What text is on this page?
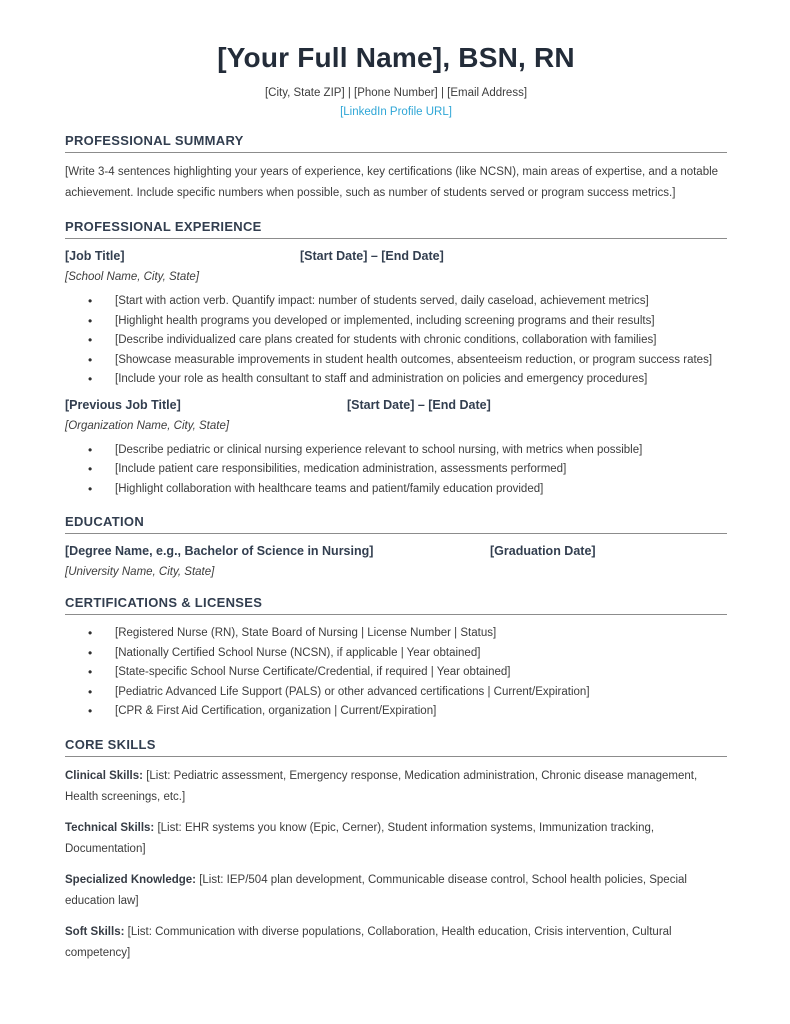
[Your Full Name], BSN, RN
[City, State ZIP] | [Phone Number] | [Email Address]
[LinkedIn Profile URL]
PROFESSIONAL SUMMARY

[Write 3-4 sentences highlighting your years of experience, key certifications (like NCSN), main areas of expertise, and a notable achievement. Include specific numbers when possible, such as number of students served or program success metrics.]

PROFESSIONAL EXPERIENCE
[Job Title]	[Start Date] – [End Date]
[School Name, City, State]
• [Start with action verb. Quantify impact: number of students served, daily caseload, achievement metrics]
• [Highlight health programs you developed or implemented, including screening programs and their results]
• [Describe individualized care plans created for students with chronic conditions, collaboration with families]
• [Showcase measurable improvements in student health outcomes, absenteeism reduction, or program success rates]
• [Include your role as health consultant to staff and administration on policies and emergency procedures]
[Previous Job Title]	[Start Date] – [End Date]
[Organization Name, City, State]
• [Describe pediatric or clinical nursing experience relevant to school nursing, with metrics when possible]
• [Include patient care responsibilities, medication administration, assessments performed]
• [Highlight collaboration with healthcare teams and patient/family education provided]
EDUCATION
[Degree Name, e.g., Bachelor of Science in Nursing]	[Graduation Date]
[University Name, City, State]
CERTIFICATIONS & LICENSES
• [Registered Nurse (RN), State Board of Nursing | License Number | Status]
• [Nationally Certified School Nurse (NCSN), if applicable | Year obtained]
• [State-specific School Nurse Certificate/Credential, if required | Year obtained]
• [Pediatric Advanced Life Support (PALS) or other advanced certifications | Current/Expiration]
• [CPR & First Aid Certification, organization | Current/Expiration]
CORE SKILLS

Clinical Skills: [List: Pediatric assessment, Emergency response, Medication administration, Chronic disease management, Health screenings, etc.]

Technical Skills: [List: EHR systems you know (Epic, Cerner), Student information systems, Immunization tracking, Documentation]

Specialized Knowledge: [List: IEP/504 plan development, Communicable disease control, School health policies, Special education law]

Soft Skills: [List: Communication with diverse populations, Collaboration, Health education, Crisis intervention, Cultural competency]
